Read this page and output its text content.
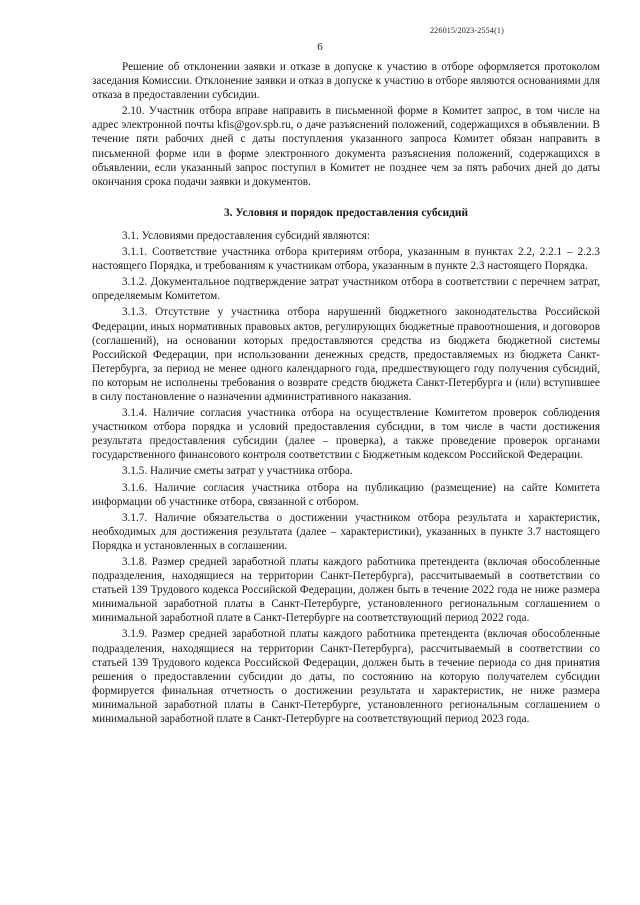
226015/2023-2554(1)
6

Решение об отклонении заявки и отказе в допуске к участию в отборе оформляется протоколом заседания Комиссии. Отклонение заявки и отказ в допуске к участию в отборе являются основаниями для отказа в предоставлении субсидии.

2.10. Участник отбора вправе направить в письменной форме в Комитет запрос, в том числе на адрес электронной почты kfis@gov.spb.ru, о даче разъяснений положений, содержащихся в объявлении. В течение пяти рабочих дней с даты поступления указанного запроса Комитет обязан направить в письменной форме или в форме электронного документа разъяснения положений, содержащихся в объявлении, если указанный запрос поступил в Комитет не позднее чем за пять рабочих дней до даты окончания срока подачи заявки и документов.

3. Условия и порядок предоставления субсидий

3.1. Условиями предоставления субсидий являются:

3.1.1. Соответствие участника отбора критериям отбора, указанным в пунктах 2.2, 2.2.1 – 2.2.3 настоящего Порядка, и требованиям к участникам отбора, указанным в пункте 2.3 настоящего Порядка.

3.1.2. Документальное подтверждение затрат участником отбора в соответствии с перечнем затрат, определяемым Комитетом.

3.1.3. Отсутствие у участника отбора нарушений бюджетного законодательства Российской Федерации, иных нормативных правовых актов, регулирующих бюджетные правоотношения, и договоров (соглашений), на основании которых предоставляются средства из бюджета бюджетной системы Российской Федерации, при использовании денежных средств, предоставляемых из бюджета Санкт-Петербурга, за период не менее одного календарного года, предшествующего году получения субсидий, по которым не исполнены требования о возврате средств бюджета Санкт-Петербурга и (или) вступившее в силу постановление о назначении административного наказания.

3.1.4. Наличие согласия участника отбора на осуществление Комитетом проверок соблюдения участником отбора порядка и условий предоставления субсидии, в том числе в части достижения результата предоставления субсидии (далее – проверка), а также проведение проверок органами государственного финансового контроля соответствии с Бюджетным кодексом Российской Федерации.

3.1.5. Наличие сметы затрат у участника отбора.

3.1.6. Наличие согласия участника отбора на публикацию (размещение) на сайте Комитета информации об участнике отбора, связанной с отбором.

3.1.7. Наличие обязательства о достижении участником отбора результата и характеристик, необходимых для достижения результата (далее – характеристики), указанных в пункте 3.7 настоящего Порядка и установленных в соглашении.

3.1.8. Размер средней заработной платы каждого работника претендента (включая обособленные подразделения, находящиеся на территории Санкт-Петербурга), рассчитываемый в соответствии со статьей 139 Трудового кодекса Российской Федерации, должен быть в течение 2022 года не ниже размера минимальной заработной платы в Санкт-Петербурге, установленного региональным соглашением о минимальной заработной плате в Санкт-Петербурге на соответствующий период 2022 года.

3.1.9. Размер средней заработной платы каждого работника претендента (включая обособленные подразделения, находящиеся на территории Санкт-Петербурга), рассчитываемый в соответствии со статьей 139 Трудового кодекса Российской Федерации, должен быть в течение периода со дня принятия решения о предоставлении субсидии до даты, по состоянию на которую получателем субсидии формируется финальная отчетность о достижении результата и характеристик, не ниже размера минимальной заработной платы в Санкт-Петербурге, установленного региональным соглашением о минимальной заработной плате в Санкт-Петербурге на соответствующий период 2023 года.
